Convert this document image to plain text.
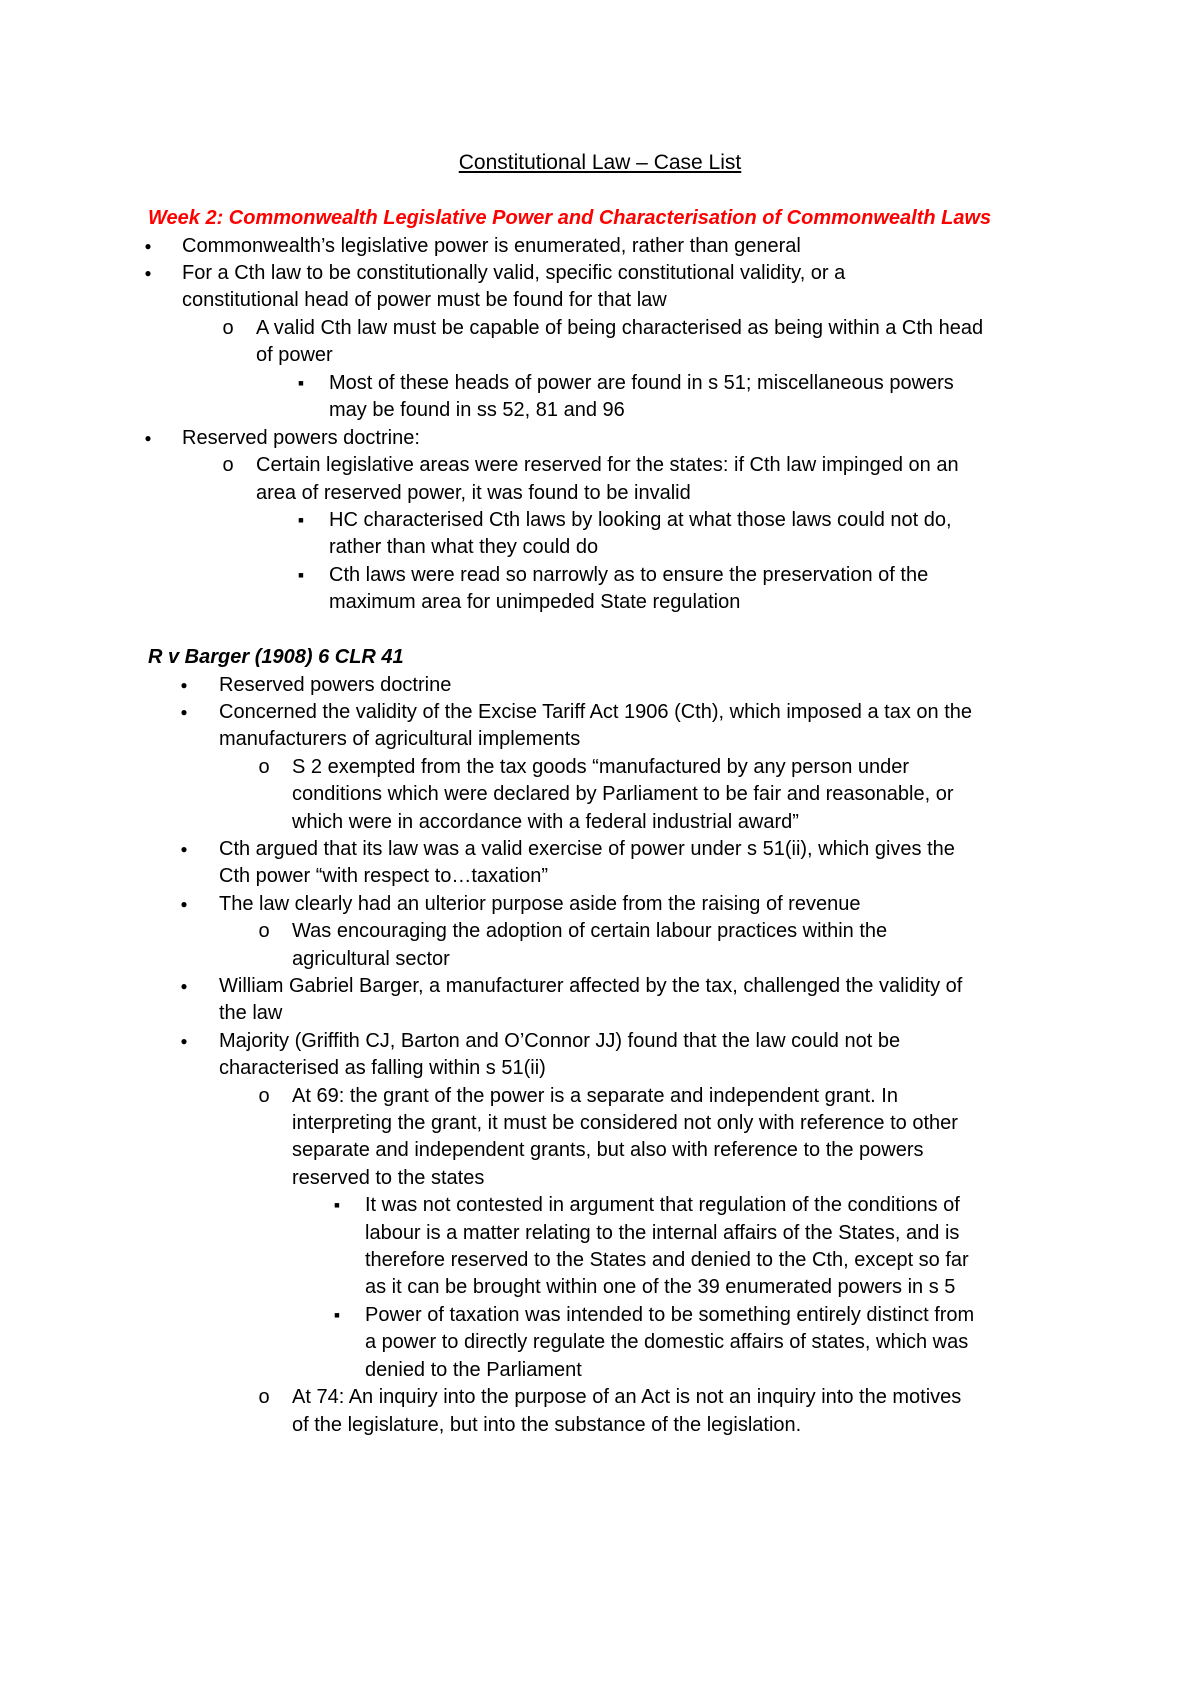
Constitutional Law – Case List
Week 2: Commonwealth Legislative Power and Characterisation of Commonwealth Laws
●
Commonwealth’s legislative power is enumerated, rather than general
●
For a Cth law to be constitutionally valid, specific constitutional validity, or a
constitutional head of power must be found for that law
o
A valid Cth law must be capable of being characterised as being within a Cth head
of power
▪
Most of these heads of power are found in s 51; miscellaneous powers
may be found in ss 52, 81 and 96
●
Reserved powers doctrine:
o
Certain legislative areas were reserved for the states: if Cth law impinged on an
area of reserved power, it was found to be invalid
▪
HC characterised Cth laws by looking at what those laws could not do,
rather than what they could do
▪
Cth laws were read so narrowly as to ensure the preservation of the
maximum area for unimpeded State regulation
R v Barger (1908) 6 CLR 41
●
Reserved powers doctrine
●
Concerned the validity of the Excise Tariff Act 1906 (Cth), which imposed a tax on the
manufacturers of agricultural implements
o
S 2 exempted from the tax goods “manufactured by any person under
conditions which were declared by Parliament to be fair and reasonable, or
which were in accordance with a federal industrial award”
●
Cth argued that its law was a valid exercise of power under s 51(ii), which gives the
Cth power “with respect to…taxation”
●
The law clearly had an ulterior purpose aside from the raising of revenue
o
Was encouraging the adoption of certain labour practices within the
agricultural sector
●
William Gabriel Barger, a manufacturer affected by the tax, challenged the validity of
the law
●
Majority (Griffith CJ, Barton and O’Connor JJ) found that the law could not be
characterised as falling within s 51(ii)
o
At 69: the grant of the power is a separate and independent grant. In
interpreting the grant, it must be considered not only with reference to other
separate and independent grants, but also with reference to the powers
reserved to the states
▪
It was not contested in argument that regulation of the conditions of
labour is a matter relating to the internal affairs of the States, and is
therefore reserved to the States and denied to the Cth, except so far
as it can be brought within one of the 39 enumerated powers in s 5
▪
Power of taxation was intended to be something entirely distinct from
a power to directly regulate the domestic affairs of states, which was
denied to the Parliament
o
At 74: An inquiry into the purpose of an Act is not an inquiry into the motives
of the legislature, but into the substance of the legislation.
